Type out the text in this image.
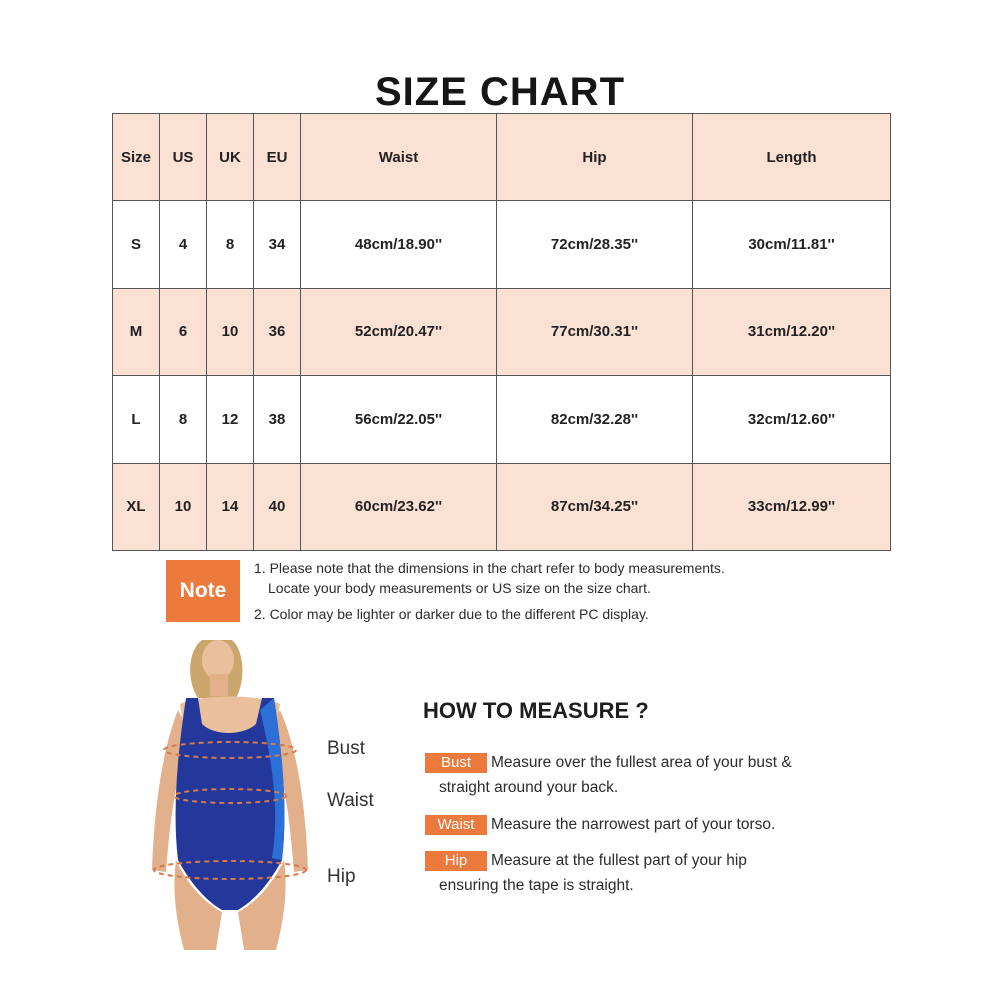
SIZE CHART
Size	US	UK	EU	Waist	Hip	Length
S	4	8	34	48cm/18.90''	72cm/28.35''	30cm/11.81''
M	6	10	36	52cm/20.47''	77cm/30.31''	31cm/12.20''
L	8	12	38	56cm/22.05''	82cm/32.28''	32cm/12.60''
XL	10	14	40	60cm/23.62''	87cm/34.25''	33cm/12.99''
Note
1. Please note that the dimensions in the chart refer to body measurements.
Locate your body measurements or US size on the size chart.
2. Color may be lighter or darker due to the different PC display.
Bust
Waist
Hip
HOW TO MEASURE ?
Bust	Measure over the fullest area of your bust &
straight around your back.
Waist	Measure the narrowest part of your torso.
Hip	Measure at the fullest part of your hip
ensuring the tape is straight.
